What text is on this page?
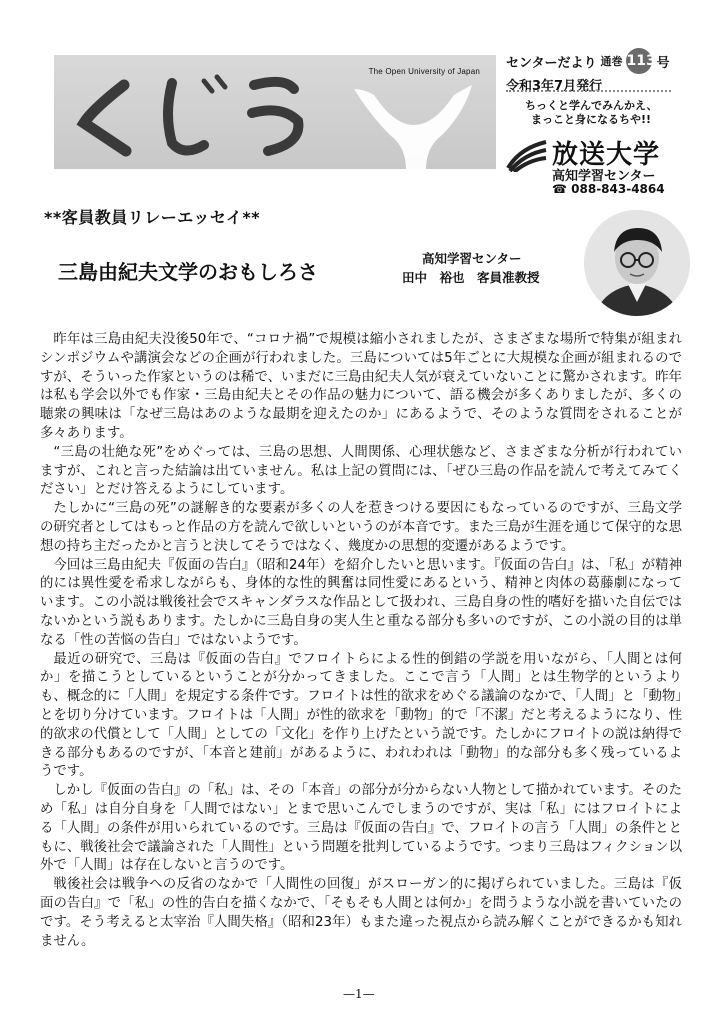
The Open University of Japan
センターだより 通巻 113 号
令和3年7月発行
ちっくと学んでみんかえ、
まっこと身になるちや!!
放送大学
高知学習センター
☎ 088-843-4864
**客員教員リレーエッセイ**
三島由紀夫文学のおもしろさ
高知学習センター
田中　裕也　客員准教授

昨年は三島由紀夫没後50年で、“コロナ禍”で規模は縮小されましたが、さまざまな場所で特集が組まれシンポジウムや講演会などの企画が行われました。三島については5年ごとに大規模な企画が組まれるのですが、そういった作家というのは稀で、いまだに三島由紀夫人気が衰えていないことに驚かされます。昨年は私も学会以外でも作家・三島由紀夫とその作品の魅力について、語る機会が多くありましたが、多くの聴衆の興味は「なぜ三島はあのような最期を迎えたのか」にあるようで、そのような質問をされることが多々あります。

“三島の壮絶な死”をめぐっては、三島の思想、人間関係、心理状態など、さまざまな分析が行われていますが、これと言った結論は出ていません。私は上記の質問には、「ぜひ三島の作品を読んで考えてみてください」とだけ答えるようにしています。

たしかに“三島の死”の謎解き的な要素が多くの人を惹きつける要因にもなっているのですが、三島文学の研究者としてはもっと作品の方を読んで欲しいというのが本音です。また三島が生涯を通じて保守的な思想の持ち主だったかと言うと決してそうではなく、幾度かの思想的変遷があるようです。

今回は三島由紀夫『仮面の告白』（昭和24年）を紹介したいと思います。『仮面の告白』は、「私」が精神的には異性愛を希求しながらも、身体的な性的興奮は同性愛にあるという、精神と肉体の葛藤劇になっています。この小説は戦後社会でスキャンダラスな作品として扱われ、三島自身の性的嗜好を描いた自伝ではないかという説もあります。たしかに三島自身の実人生と重なる部分も多いのですが、この小説の目的は単なる「性の苦悩の告白」ではないようです。

最近の研究で、三島は『仮面の告白』でフロイトらによる性的倒錯の学説を用いながら、「人間とは何か」を描こうとしているということが分かってきました。ここで言う「人間」とは生物学的というよりも、概念的に「人間」を規定する条件です。フロイトは性的欲求をめぐる議論のなかで、「人間」と「動物」とを切り分けています。フロイトは「人間」が性的欲求を「動物」的で「不潔」だと考えるようになり、性的欲求の代償として「人間」としての「文化」を作り上げたという説です。たしかにフロイトの説は納得できる部分もあるのですが、「本音と建前」があるように、われわれは「動物」的な部分も多く残っているようです。

しかし『仮面の告白』の「私」は、その「本音」の部分が分からない人物として描かれています。そのため「私」は自分自身を「人間ではない」とまで思いこんでしまうのですが、実は「私」にはフロイトによる「人間」の条件が用いられているのです。三島は『仮面の告白』で、フロイトの言う「人間」の条件とともに、戦後社会で議論された「人間性」という問題を批判しているようです。つまり三島はフィクション以外で「人間」は存在しないと言うのです。

戦後社会は戦争への反省のなかで「人間性の回復」がスローガン的に掲げられていました。三島は『仮面の告白』で「私」の性的告白を描くなかで、「そもそも人間とは何か」を問うような小説を書いていたのです。そう考えると太宰治『人間失格』（昭和23年）もまた違った視点から読み解くことができるかも知れません。

—1—
